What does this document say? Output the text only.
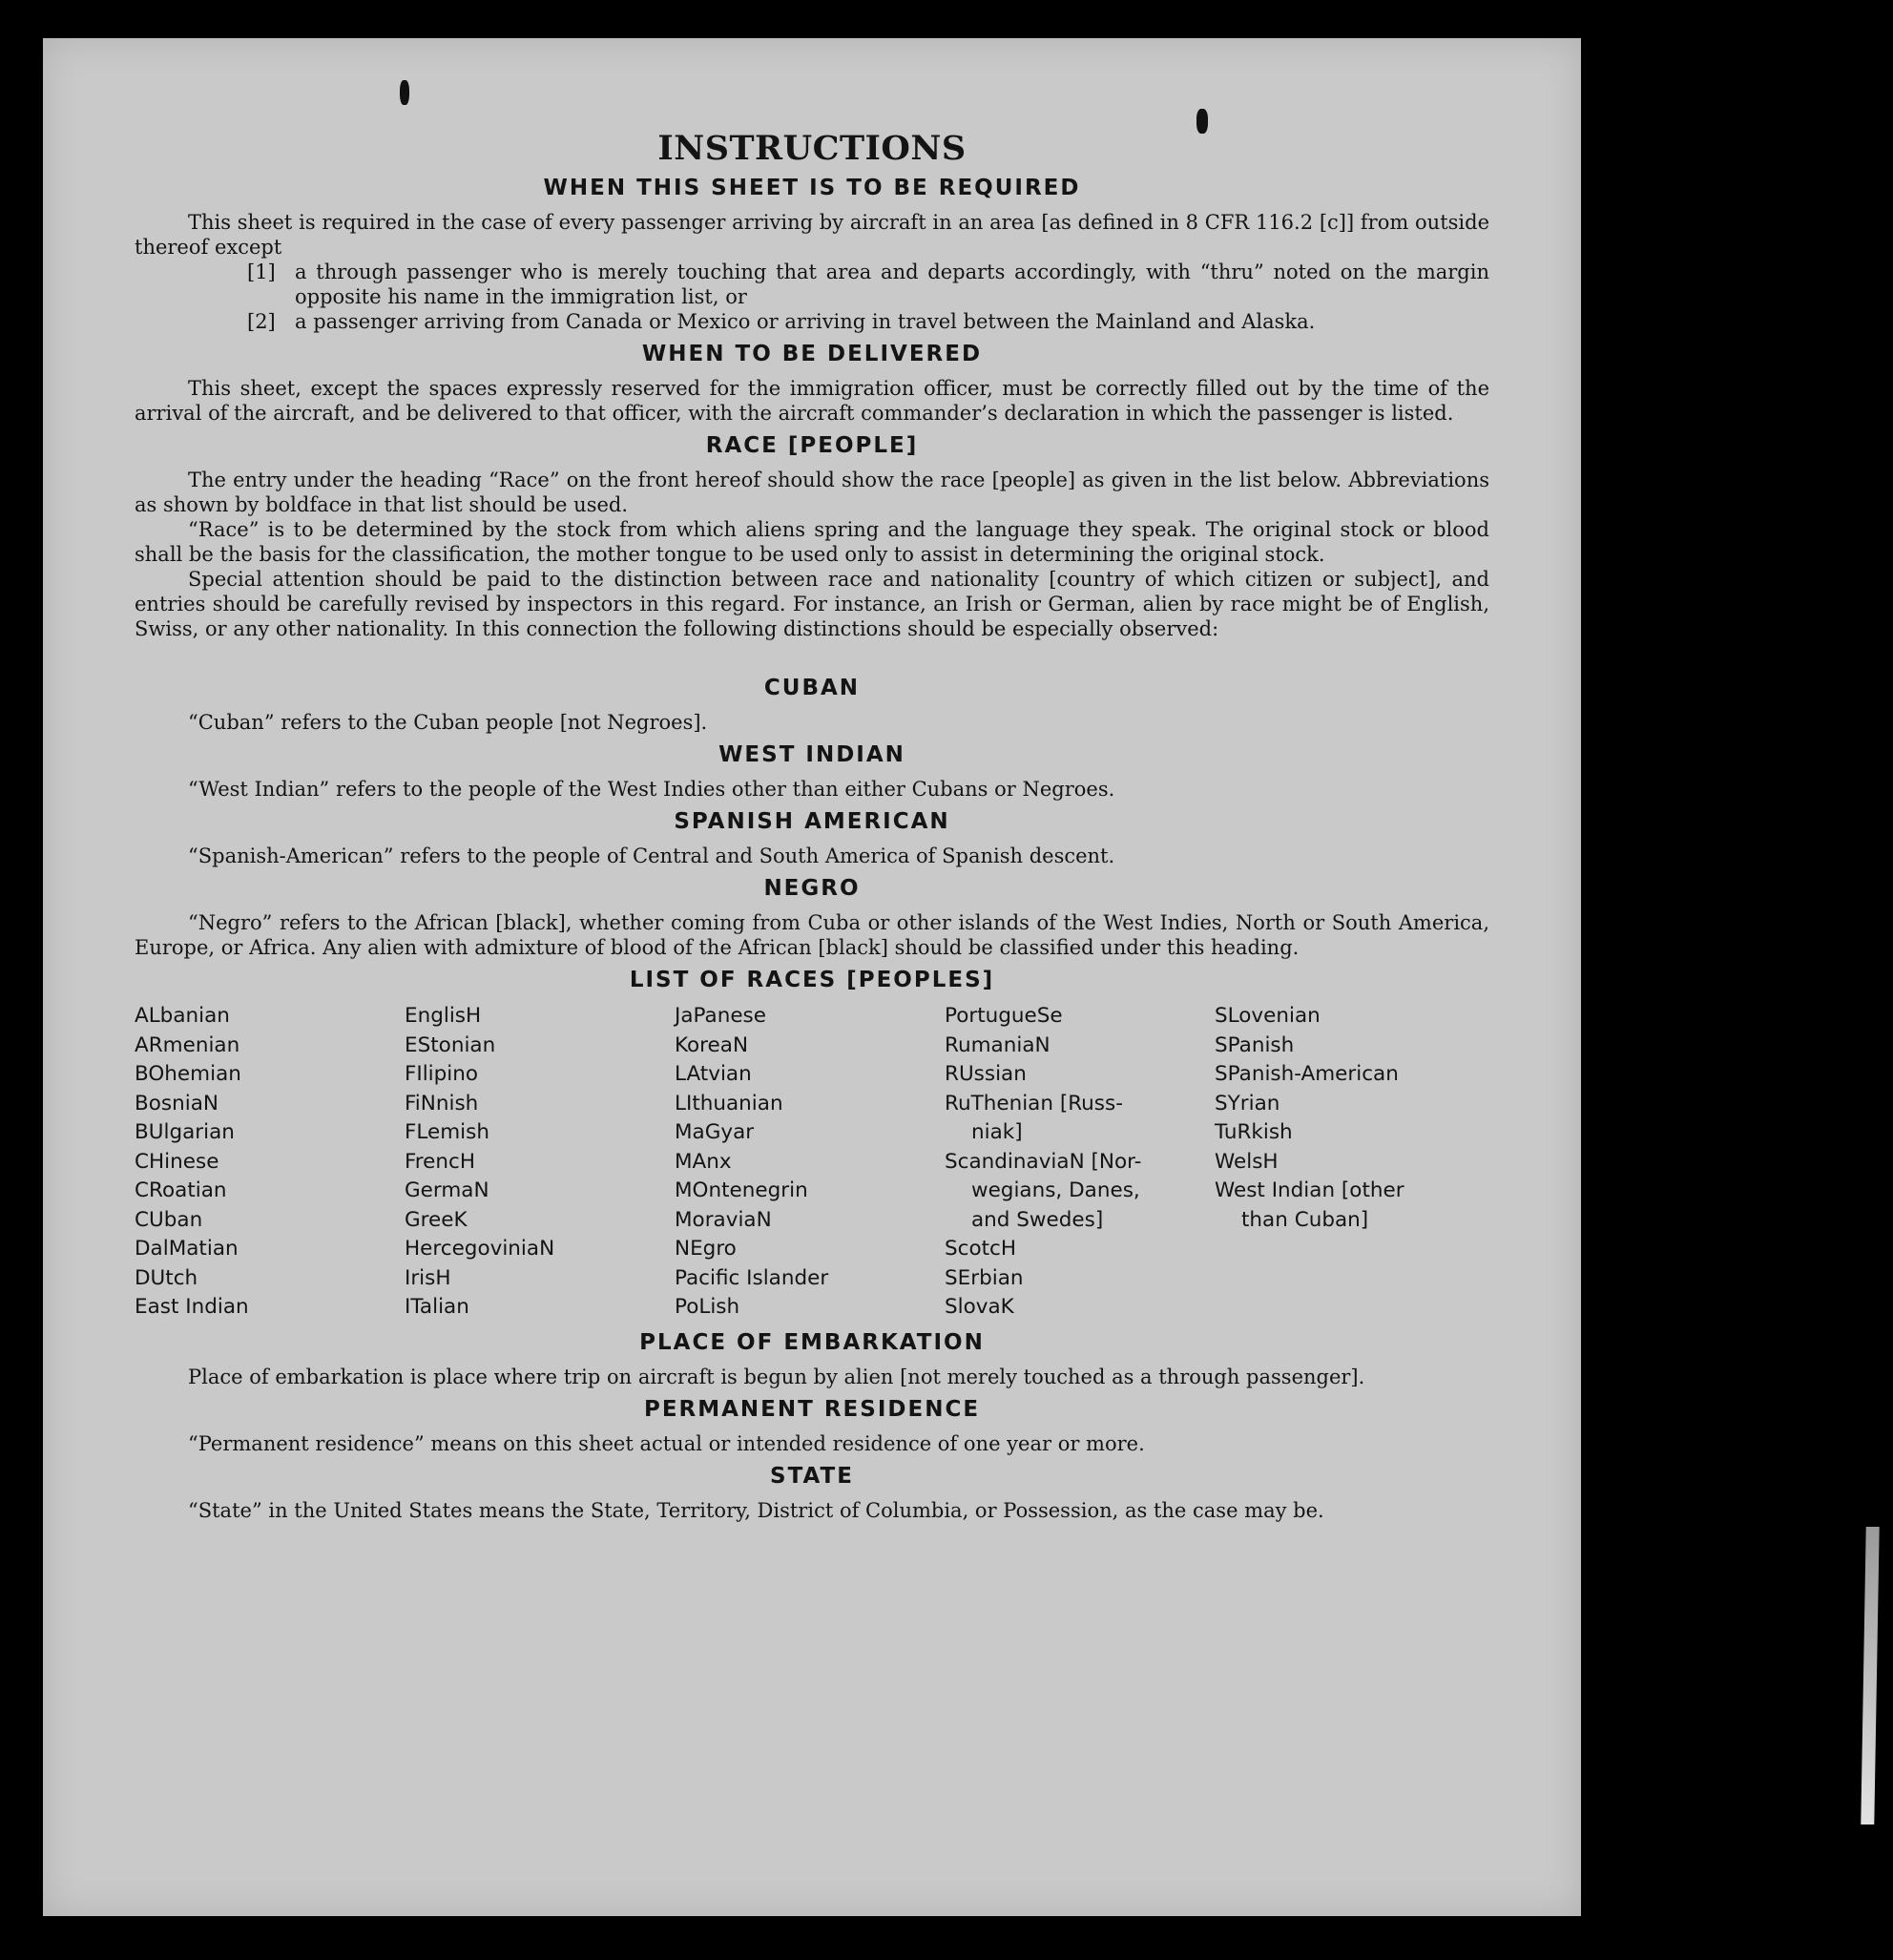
INSTRUCTIONS
WHEN THIS SHEET IS TO BE REQUIRED

This sheet is required in the case of every passenger arriving by aircraft in an area [as defined in 8 CFR 116.2 [c]] from outside thereof except

[1] a through passenger who is merely touching that area and departs accordingly, with “thru” noted on the margin opposite his name in the immigration list, or
[2] a passenger arriving from Canada or Mexico or arriving in travel between the Mainland and Alaska.
WHEN TO BE DELIVERED

This sheet, except the spaces expressly reserved for the immigration officer, must be correctly filled out by the time of the arrival of the aircraft, and be delivered to that officer, with the aircraft commander’s declaration in which the passenger is listed.

RACE [PEOPLE]

The entry under the heading “Race” on the front hereof should show the race [people] as given in the list below. Abbreviations as shown by boldface in that list should be used.

“Race” is to be determined by the stock from which aliens spring and the language they speak. The original stock or blood shall be the basis for the classification, the mother tongue to be used only to assist in determining the original stock.

Special attention should be paid to the distinction between race and nationality [country of which citizen or subject], and entries should be carefully revised by inspectors in this regard. For instance, an Irish or German, alien by race might be of English, Swiss, or any other nationality. In this connection the following distinctions should be especially observed:

CUBAN

“Cuban” refers to the Cuban people [not Negroes].

WEST INDIAN

“West Indian” refers to the people of the West Indies other than either Cubans or Negroes.

SPANISH AMERICAN

“Spanish-American” refers to the people of Central and South America of Spanish descent.

NEGRO

“Negro” refers to the African [black], whether coming from Cuba or other islands of the West Indies, North or South America, Europe, or Africa. Any alien with admixture of blood of the African [black] should be classified under this heading.

LIST OF RACES [PEOPLES]
ALbanian
ARmenian
BOhemian
BosniaN
BUlgarian
CHinese
CRoatian
CUban
DalMatian
DUtch
East Indian
EnglisH
EStonian
FIlipino
FiNnish
FLemish
FrencH
GermaN
GreeK
HercegoviniaN
IrisH
ITalian
JaPanese
KoreaN
LAtvian
LIthuanian
MaGyar
MAnx
MOntenegrin
MoraviaN
NEgro
Pacific Islander
PoLish
PortugueSe
RumaniaN
RUssian
RuThenian [Russ-
niak]
ScandinaviaN [Nor-
wegians, Danes,
and Swedes]
ScotcH
SErbian
SlovaK
SLovenian
SPanish
SPanish-American
SYrian
TuRkish
WelsH
West Indian [other
than Cuban]
PLACE OF EMBARKATION

Place of embarkation is place where trip on aircraft is begun by alien [not merely touched as a through passenger].

PERMANENT RESIDENCE

“Permanent residence” means on this sheet actual or intended residence of one year or more.

STATE

“State” in the United States means the State, Territory, District of Columbia, or Possession, as the case may be.
